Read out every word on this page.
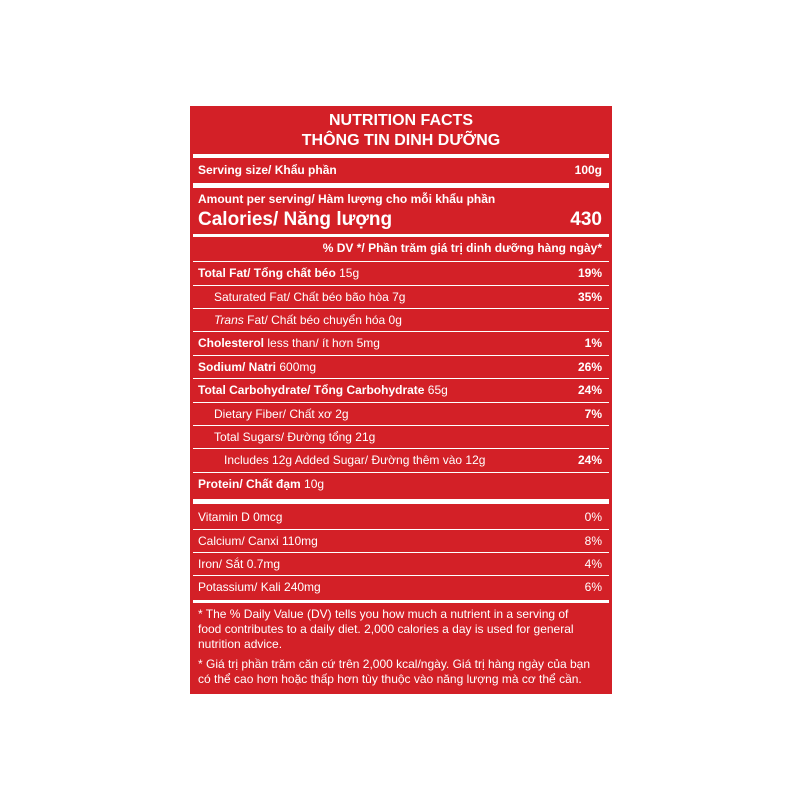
NUTRITION FACTS
THÔNG TIN DINH DƯỠNG
Serving size/ Khẩu phần	100g
Amount per serving/ Hàm lượng cho mỗi khẩu phần
Calories/ Năng lượng	430
% DV */ Phần trăm giá trị dinh dưỡng hàng ngày*
Total Fat/ Tổng chất béo 15g	19%
Saturated Fat/ Chất béo bão hòa 7g	35%
Trans Fat/ Chất béo chuyển hóa 0g
Cholesterol less than/ ít hơn 5mg	1%
Sodium/ Natri 600mg	26%
Total Carbohydrate/ Tổng Carbohydrate 65g	24%
Dietary Fiber/ Chất xơ 2g	7%
Total Sugars/ Đường tổng 21g
Includes 12g Added Sugar/ Đường thêm vào 12g	24%
Protein/ Chất đạm 10g
Vitamin D 0mcg	0%
Calcium/ Canxi 110mg	8%
Iron/ Sắt 0.7mg	4%
Potassium/ Kali 240mg	6%
* The % Daily Value (DV) tells you how much a nutrient in a serving of
food contributes to a daily diet. 2,000 calories a day is used for general
nutrition advice.
* Giá trị phần trăm căn cứ trên 2,000 kcal/ngày. Giá trị hàng ngày của bạn
có thể cao hơn hoặc thấp hơn tùy thuộc vào năng lượng mà cơ thể cần.
